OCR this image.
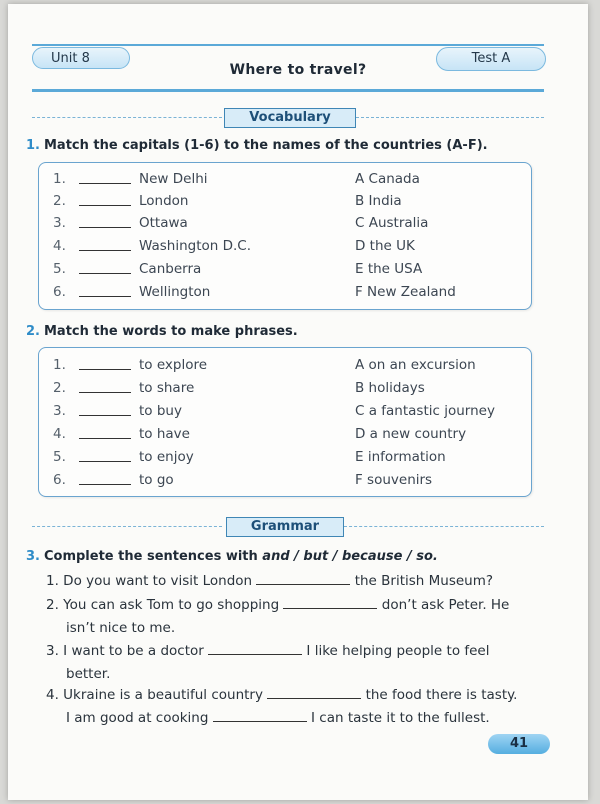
Unit 8	Test A
Where to travel?
Vocabulary
1. Match the capitals (1-6) to the names of the countries (A-F).
1.	New Delhi	A Canada
2.	London	B India
3.	Ottawa	C Australia
4.	Washington D.C.	D the UK
5.	Canberra	E the USA
6.	Wellington	F New Zealand
2. Match the words to make phrases.
1.	to explore	A on an excursion
2.	to share	B holidays
3.	to buy	C a fantastic journey
4.	to have	D a new country
5.	to enjoy	E information
6.	to go	F souvenirs
Grammar
3. Complete the sentences with and / but / because / so.
1. Do you want to visit London	the British Museum?
2. You can ask Tom to go shopping	don’t ask Peter. He
isn’t nice to me.
3. I want to be a doctor	I like helping people to feel
better.
4. Ukraine is a beautiful country	the food there is tasty.
I am good at cooking	I can taste it to the fullest.
41
